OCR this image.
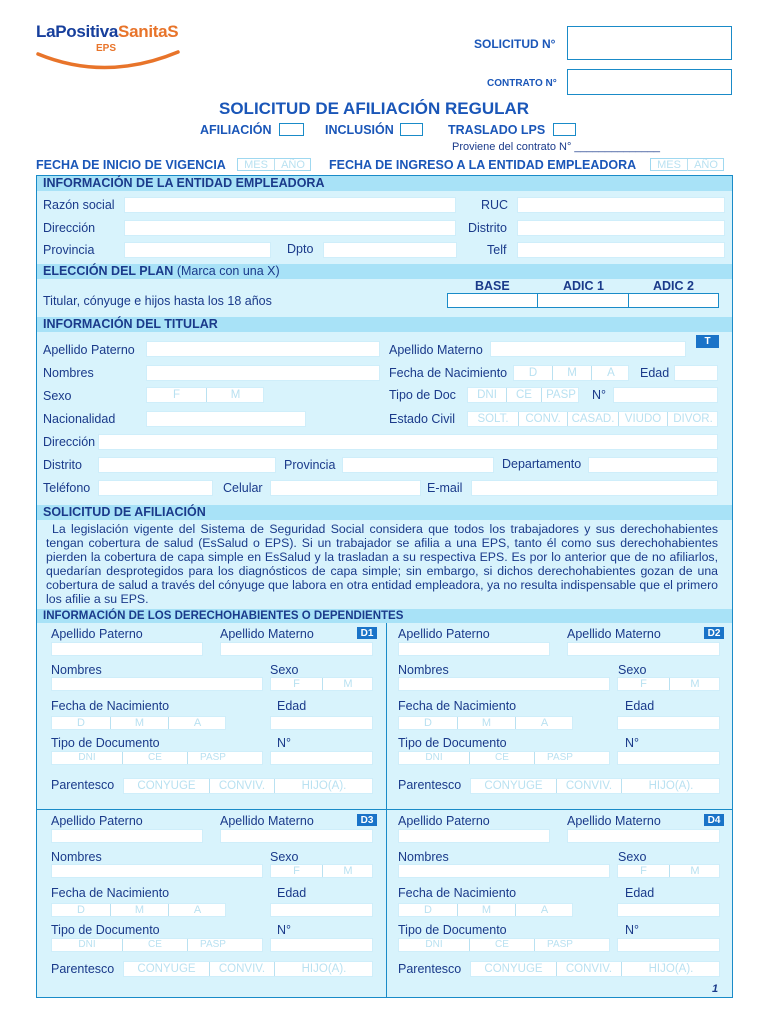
LaPositivaSanitaS
EPS	SOLICITUD N°
CONTRATO N°
SOLICITUD DE AFILIACIÓN REGULAR
AFILIACIÓN	INCLUSIÓN	TRASLADO LPS
Proviene del contrato N° ______________
FECHA DE INICIO DE VIGENCIA	MES	AÑO	FECHA DE INGRESO A LA ENTIDAD EMPLEADORA	MES	AÑO
INFORMACIÓN DE LA ENTIDAD EMPLEADORA
Razón social	RUC
Dirección	Distrito
Provincia	Dpto	Telf
ELECCIÓN DEL PLAN (Marca con una X)
BASE	ADIC 1	ADIC 2
Titular, cónyuge e hijos hasta los 18 años
INFORMACIÓN DEL TITULAR
T
Apellido Paterno	Apellido Materno
Nombres	Fecha de Nacimiento	D	M	A	Edad
Sexo	F	M	Tipo de Doc	DNI	CE	PASP	N°
Nacionalidad	Estado Civil	SOLT.	CONV. CASAD. VIUDO	DIVOR.
Dirección
Distrito	Provincia	Departamento
Teléfono	Celular	E-mail
SOLICITUD DE AFILIACIÓN
La legislación vigente del Sistema de Seguridad Social considera que todos los trabajadores y sus derechohabientes tengan cobertura de salud (EsSalud o EPS). Si un trabajador se afilia a una EPS, tanto él como sus derechohabientes pierden la cobertura de capa simple en EsSalud y la trasladan a su respectiva EPS. Es por lo anterior que de no afiliarlos, quedarían desprotegidos para los diagnósticos de capa simple; sin embargo, si dichos derechohabientes gozan de una cobertura de salud a través del cónyuge que labora en otra entidad empleadora, ya no resulta indispensable que el primero los afilie a su EPS.
INFORMACIÓN DE LOS DERECHOHABIENTES O DEPENDIENTES
D1
Apellido Paterno	Apellido Materno
Nombres	Sexo
F	M
Fecha de Nacimiento	Edad
D	M	A
Tipo de Documento	N°
DNI	CE	PASP
Parentesco	CONYUGE	CONVIV.	HIJO(A).
D2
Apellido Paterno	Apellido Materno
Nombres	Sexo
F	M
Fecha de Nacimiento	Edad
D	M	A
Tipo de Documento	N°
DNI	CE	PASP
Parentesco	CONYUGE	CONVIV.	HIJO(A).
D3
Apellido Paterno	Apellido Materno
Nombres	Sexo
F	M
Fecha de Nacimiento	Edad
D	M	A
Tipo de Documento	N°
DNI	CE	PASP
Parentesco	CONYUGE	CONVIV.	HIJO(A).
D4
Apellido Paterno	Apellido Materno
Nombres	Sexo
F	M
Fecha de Nacimiento	Edad
D	M	A
Tipo de Documento	N°
DNI	CE	PASP
Parentesco	CONYUGE	CONVIV.	HIJO(A).
1
